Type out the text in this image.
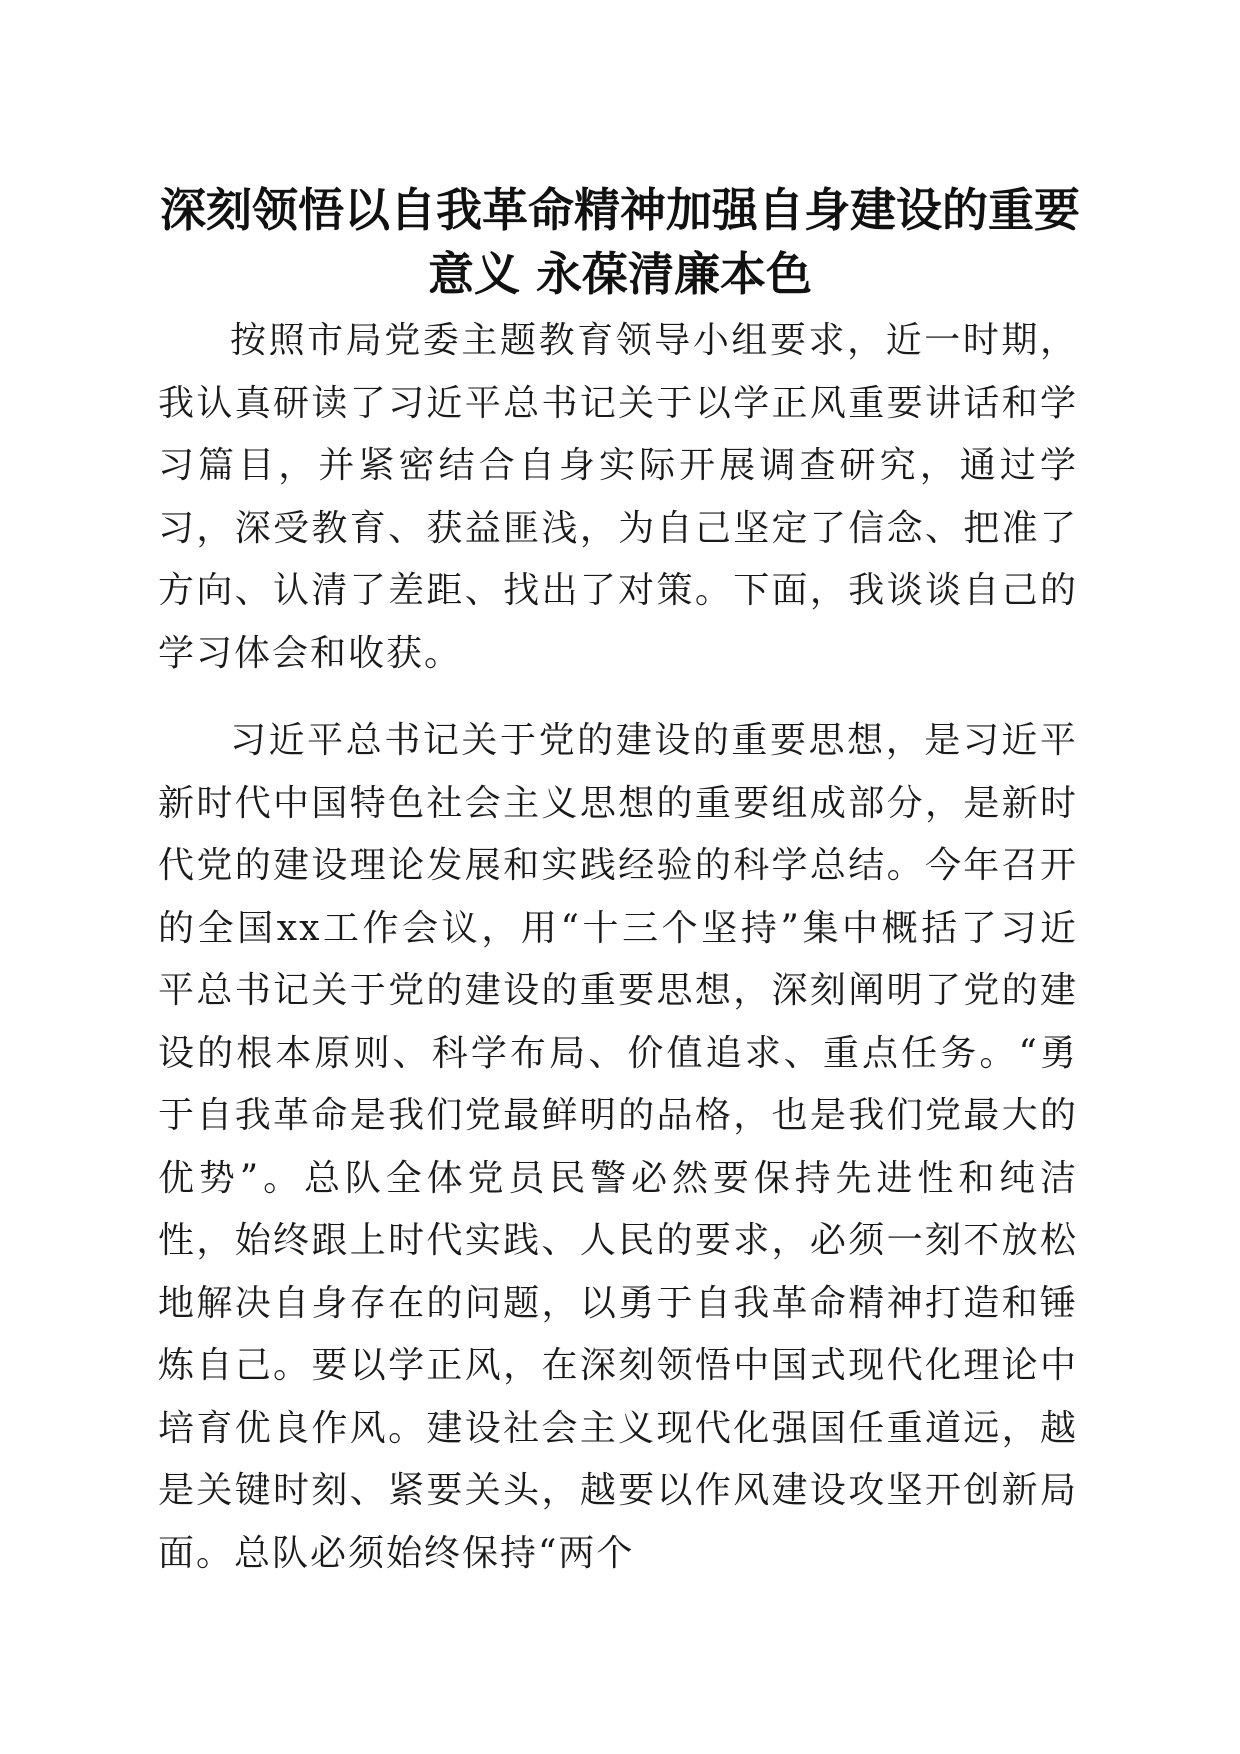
深刻领悟以自我革命精神加强自身建设的重要
意义 永葆清廉本色

按照市局党委主题教育领导小组要求，近一时期，我认真研读了习近平总书记关于以学正风重要讲话和学习篇目，并紧密结合自身实际开展调查研究，通过学习，深受教育、获益匪浅，为自己坚定了信念、把准了方向、认清了差距、找出了对策。下面，我谈谈自己的学习体会和收获。

习近平总书记关于党的建设的重要思想，是习近平新时代中国特色社会主义思想的重要组成部分，是新时代党的建设理论发展和实践经验的科学总结。今年召开的全国xx工作会议，用“十三个坚持”集中概括了习近平总书记关于党的建设的重要思想，深刻阐明了党的建设的根本原则、科学布局、价值追求、重点任务。“勇于自我革命是我们党最鲜明的品格，也是我们党最大的优势”。总队全体党员民警必然要保持先进性和纯洁性，始终跟上时代实践、人民的要求，必须一刻不放松地解决自身存在的问题，以勇于自我革命精神打造和锤炼自己。要以学正风，在深刻领悟中国式现代化理论中培育优良作风。建设社会主义现代化强国任重道远，越是关键时刻、紧要关头，越要以作风建设攻坚开创新局面。总队必须始终保持“两个
